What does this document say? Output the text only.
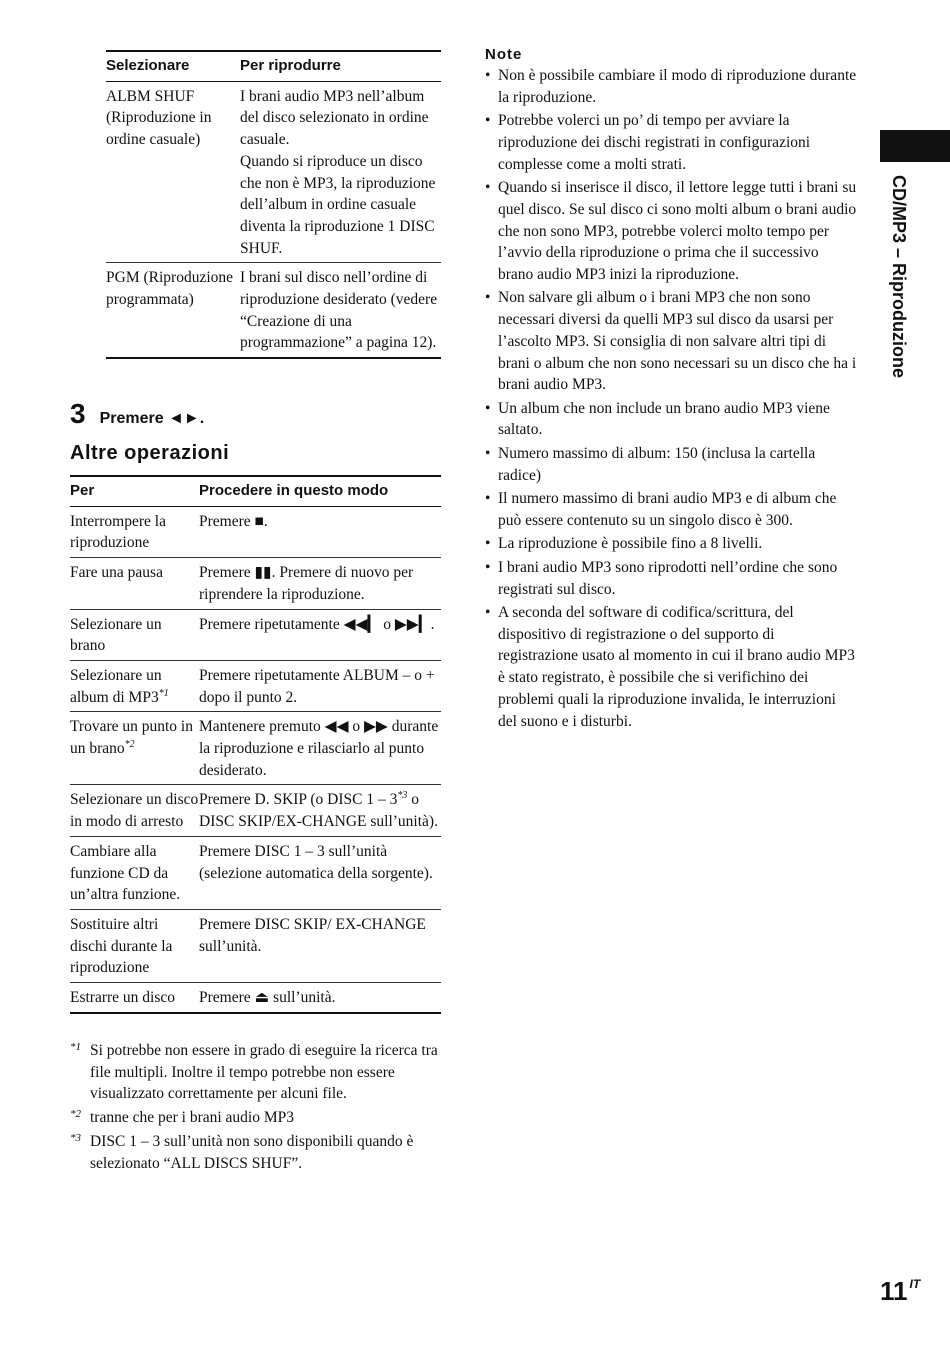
Selezionare	Per riprodurre
ALBM SHUF (Riproduzione in ordine casuale)	I brani audio MP3 nell’album del disco selezionato in ordine casuale.

Quando si riproduce un disco che non è MP3, la riproduzione dell’album in ordine casuale diventa la riproduzione 1 DISC SHUF.

PGM (Riproduzione programmata)	I brani sul disco nell’ordine di riproduzione desiderato (vedere “Creazione di una programmazione” a pagina 12).
3 Premere ◄►.
Altre operazioni
Per	Procedere in questo modo
Interrompere la riproduzione	Premere ■.
Fare una pausa	Premere ▮▮. Premere di nuovo per riprendere la riproduzione.
Selezionare un brano	Premere ripetutamente ◀◀▎ o ▶▶▎.
Selezionare un album di MP3$^{*1}$	Premere ripetutamente ALBUM – o + dopo il punto 2.
Trovare un punto in un brano$^{*2}$	Mantenere premuto ◀◀ o ▶▶ durante la riproduzione e rilasciarlo al punto desiderato.
Selezionare un disco in modo di arresto	Premere D. SKIP (o DISC 1 – 3$^{*3}$ o DISC SKIP/EX-CHANGE sull’unità).
Cambiare alla funzione CD da un’altra funzione.	Premere DISC 1 – 3 sull’unità (selezione automatica della sorgente).
Sostituire altri dischi durante la riproduzione	Premere DISC SKIP/ EX-CHANGE sull’unità.
Estrarre un disco	Premere ⏏ sull’unità.
*1 Si potrebbe non essere in grado di eseguire la ricerca tra file multipli. Inoltre il tempo potrebbe non essere visualizzato correttamente per alcuni file.
*2 tranne che per i brani audio MP3
*3 DISC 1 – 3 sull’unità non sono disponibili quando è selezionato “ALL DISCS SHUF”.
Note
• Non è possibile cambiare il modo di riproduzione durante la riproduzione.
• Potrebbe volerci un po’ di tempo per avviare la riproduzione dei dischi registrati in configurazioni complesse come a molti strati.
• Quando si inserisce il disco, il lettore legge tutti i brani su quel disco. Se sul disco ci sono molti album o brani audio che non sono MP3, potrebbe volerci molto tempo per l’avvio della riproduzione o prima che il successivo brano audio MP3 inizi la riproduzione.
• Non salvare gli album o i brani MP3 che non sono necessari diversi da quelli MP3 sul disco da usarsi per l’ascolto MP3. Si consiglia di non salvare altri tipi di brani o album che non sono necessari su un disco che ha i brani audio MP3.
• Un album che non include un brano audio MP3 viene saltato.
• Numero massimo di album: 150 (inclusa la cartella radice)
• Il numero massimo di brani audio MP3 e di album che può essere contenuto su un singolo disco è 300.
• La riproduzione è possibile fino a 8 livelli.
• I brani audio MP3 sono riprodotti nell’ordine che sono registrati sul disco.
• A seconda del software di codifica/scrittura, del dispositivo di registrazione o del supporto di registrazione usato al momento in cui il brano audio MP3 è stato registrato, è possibile che si verifichino dei problemi quali la riproduzione invalida, le interruzioni del suono e i disturbi.
CD/MP3 – Riproduzione
11 $^{IT}$
